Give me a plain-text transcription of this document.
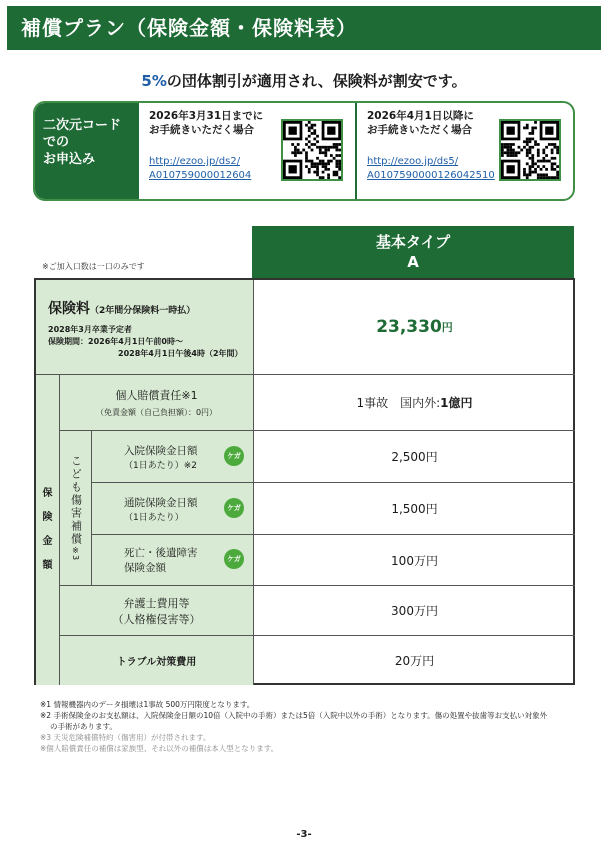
補償プラン（保険金額・保険料表）
5%の団体割引が適用され、保険料が割安です。
二次元コード
での
お申込み
2026年3月31日までに
お手続きいただく場合
http://ezoo.jp/ds2/
A010759000012604
2026年4月1日以降に
お手続きいただく場合
http://ezoo.jp/ds5/
A0107590000126042510
※ご加入口数は一口のみです
基本タイプ
A
保険料（2年間分保険料一時払）
2028年3月卒業予定者
保険期間：2026年4月1日午前0時～
2028年4月1日午後4時（2年間）
23,330 円
保
険
金
額
個人賠償責任※1
（免責金額（自己負担額）：0円）
1事故　国内外: 1億円
こども傷害補償
※3
入院保険金日額
（1日あたり）※2
ケガ	2,500円
通院保険金日額
（1日あたり）
ケガ	1,500円
死亡・後遺障害
保険金額
ケガ	100万円
弁護士費用等
（人格権侵害等）
300万円
トラブル対策費用	20万円
※1 情報機器内のデータ損壊は1事故 500万円限度となります。
※2 手術保険金のお支払額は、入院保険金日額の10倍（入院中の手術）または5倍（入院中以外の手術）となります。傷の処置や抜歯等お支払い対象外
の手術があります。
※3 天災危険補償特約（傷害用）が付帯されます。
※個人賠償責任の補償は家族型、それ以外の補償は本人型となります。
-3-
